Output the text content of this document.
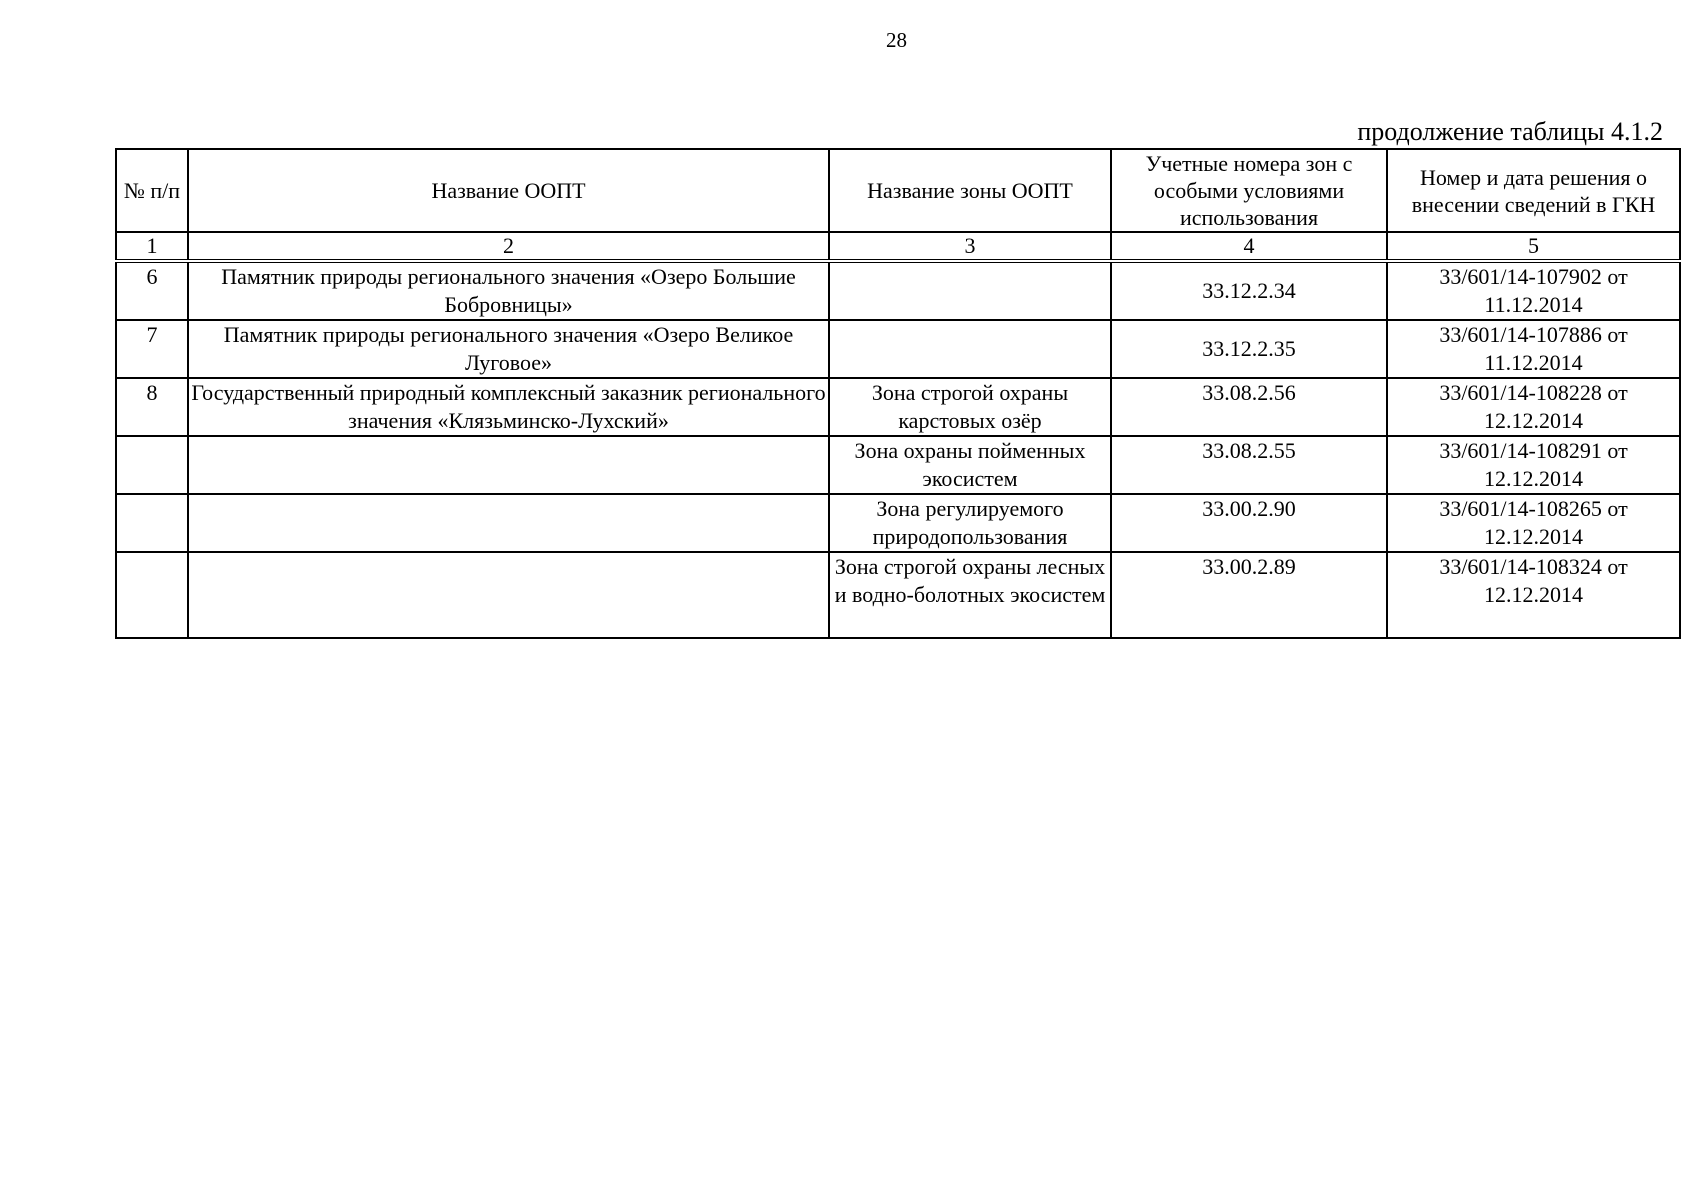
28
продолжение таблицы 4.1.2
№ п/п	Название ООПТ	Название зоны ООПТ	Учетные номера зон с особыми условиями использования	Номер и дата решения о внесении сведений в ГКН
1	2	3	4	5
6	Памятник природы регионального значения «Озеро Большие Бобровницы»		33.12.2.34	33/601/14-107902 от 11.12.2014
7	Памятник природы регионального значения «Озеро Великое Луговое»		33.12.2.35	33/601/14-107886 от 11.12.2014
8	Государственный природный комплексный заказник регионального значения «Клязьминско-Лухский»	Зона строгой охраны карстовых озёр	33.08.2.56	33/601/14-108228 от 12.12.2014
		Зона охраны пойменных экосистем	33.08.2.55	33/601/14-108291 от 12.12.2014
		Зона регулируемого природопользования	33.00.2.90	33/601/14-108265 от 12.12.2014
		Зона строгой охраны лесных и водно-болотных экосистем	33.00.2.89	33/601/14-108324 от 12.12.2014
